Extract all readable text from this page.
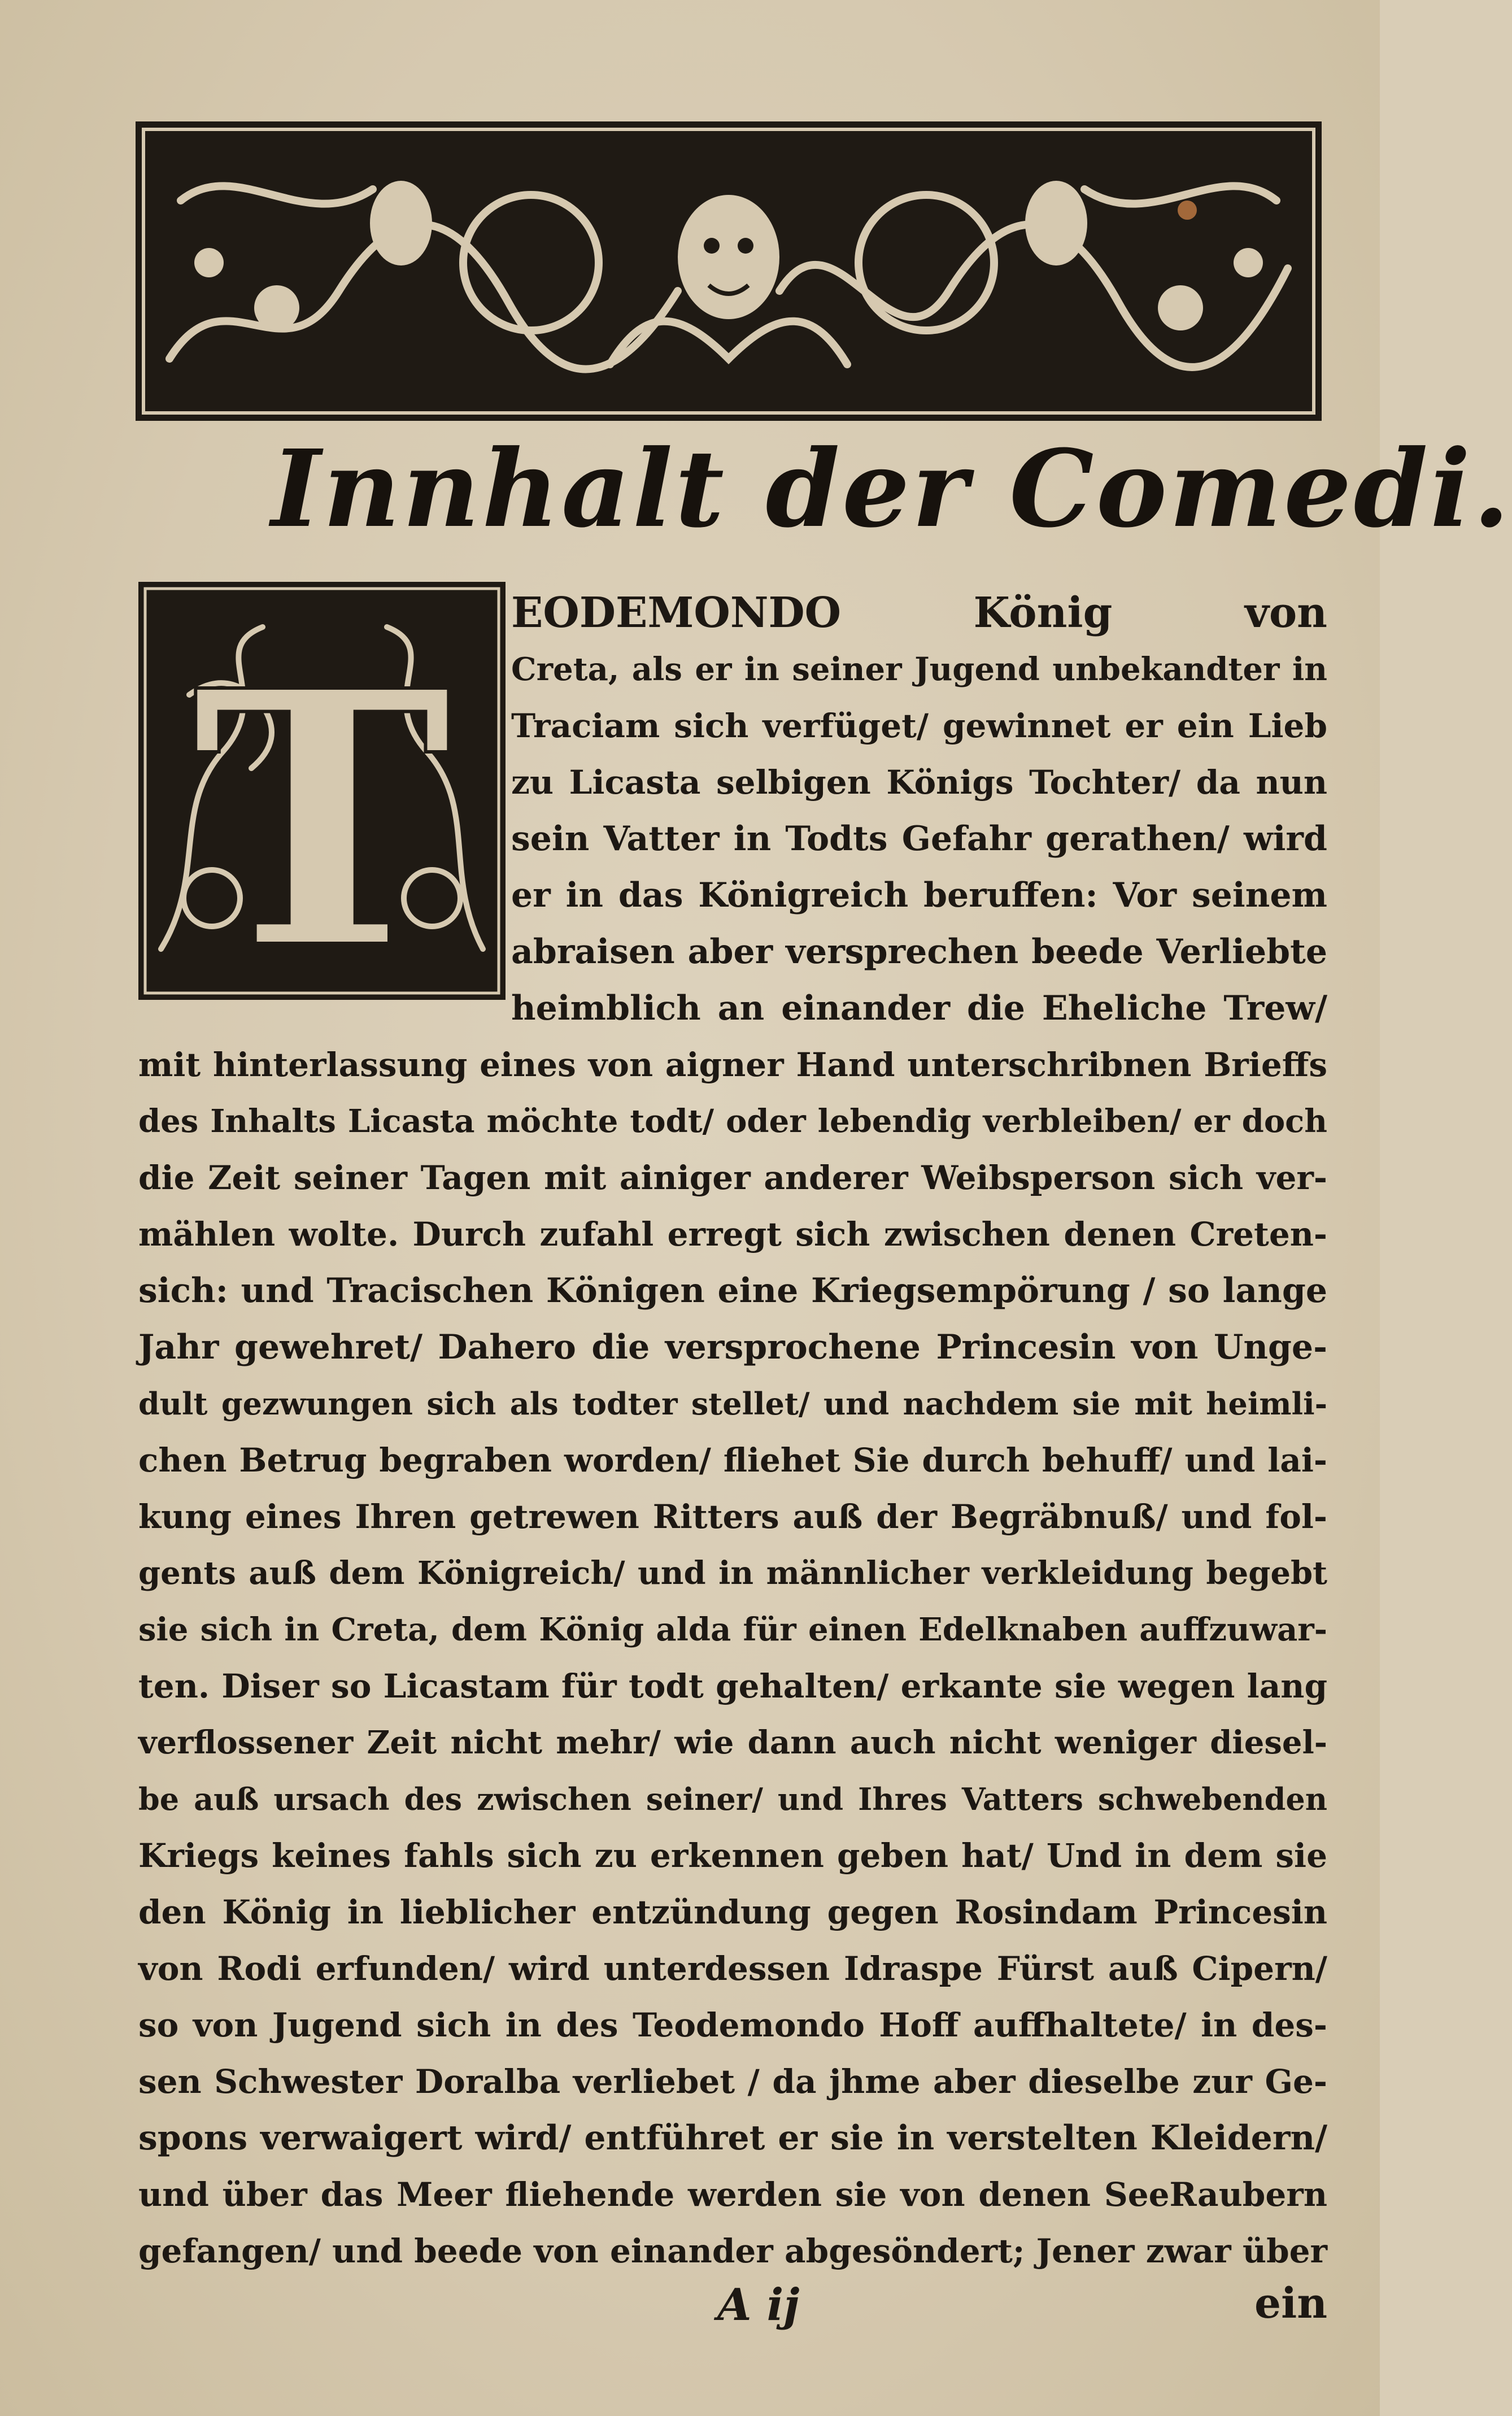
Innhalt der Comedi.
T
EODEMONDO König von
Creta, als er in seiner Jugend unbekandter in
Traciam sich verfüget/ gewinnet er ein Lieb
zu Licasta selbigen Königs Tochter/ da nun
sein Vatter in Todts Gefahr gerathen/ wird
er in das Königreich beruffen: Vor seinem
abraisen aber versprechen beede Verliebte
heimblich an einander die Eheliche Trew/
mit hinterlassung eines von aigner Hand unterschribnen Brieffs
des Inhalts Licasta möchte todt/ oder lebendig verbleiben/ er doch
die Zeit seiner Tagen mit ainiger anderer Weibsperson sich ver-
mählen wolte. Durch zufahl erregt sich zwischen denen Creten-
sich: und Tracischen Königen eine Kriegsempörung / so lange
Jahr gewehret/ Dahero die versprochene Princesin von Unge-
dult gezwungen sich als todter stellet/ und nachdem sie mit heimli-
chen Betrug begraben worden/ fliehet Sie durch behuff/ und lai-
kung eines Ihren getrewen Ritters auß der Begräbnuß/ und fol-
gents auß dem Königreich/ und in männlicher verkleidung begebt
sie sich in Creta, dem König alda für einen Edelknaben auffzuwar-
ten. Diser so Licastam für todt gehalten/ erkante sie wegen lang
verflossener Zeit nicht mehr/ wie dann auch nicht weniger diesel-
be auß ursach des zwischen seiner/ und Ihres Vatters schwebenden
Kriegs keines fahls sich zu erkennen geben hat/ Und in dem sie
den König in lieblicher entzündung gegen Rosindam Princesin
von Rodi erfunden/ wird unterdessen Idraspe Fürst auß Cipern/
so von Jugend sich in des Teodemondo Hoff auffhaltete/ in des-
sen Schwester Doralba verliebet / da jhme aber dieselbe zur Ge-
spons verwaigert wird/ entführet er sie in verstelten Kleidern/
und über das Meer fliehende werden sie von denen SeeRaubern
gefangen/ und beede von einander abgesöndert; Jener zwar über
A ij	ein
